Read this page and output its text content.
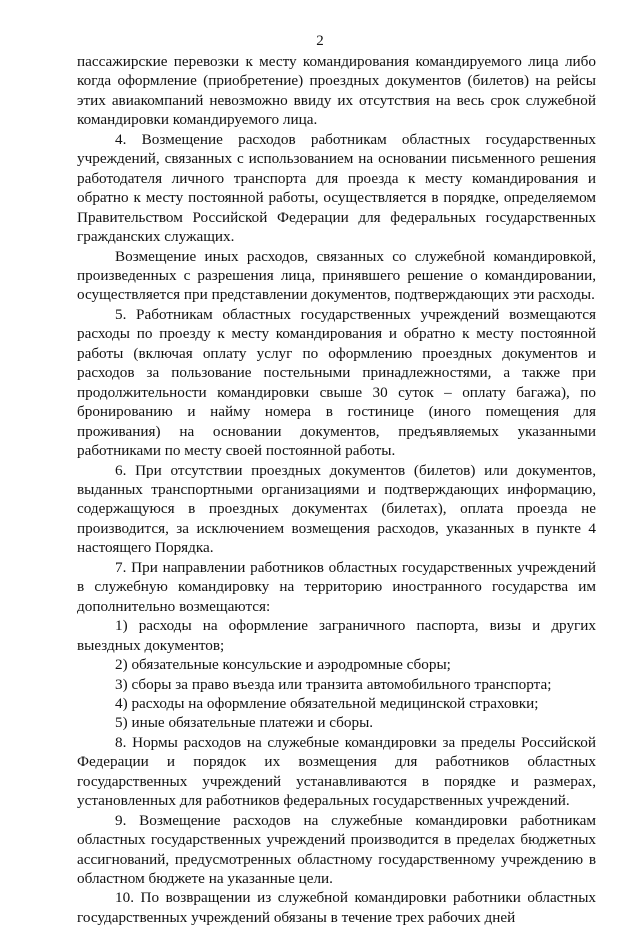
2

пассажирские перевозки к месту командирования командируемого лица либо когда оформление (приобретение) проездных документов (билетов) на рейсы этих авиакомпаний невозможно ввиду их отсутствия на весь срок служебной командировки командируемого лица.

4. Возмещение расходов работникам областных государственных учреждений, связанных с использованием на основании письменного решения работодателя личного транспорта для проезда к месту командирования и обратно к месту постоянной работы, осуществляется в порядке, определяемом Правительством Российской Федерации для федеральных государственных гражданских служащих.

Возмещение иных расходов, связанных со служебной командировкой, произведенных с разрешения лица, принявшего решение о командировании, осуществляется при представлении документов, подтверждающих эти расходы.

5. Работникам областных государственных учреждений возмещаются расходы по проезду к месту командирования и обратно к месту постоянной работы (включая оплату услуг по оформлению проездных документов и расходов за пользование постельными принадлежностями, а также при продолжительности командировки свыше 30 суток – оплату багажа), по бронированию и найму номера в гостинице (иного помещения для проживания) на основании документов, предъявляемых указанными работниками по месту своей постоянной работы.

6. При отсутствии проездных документов (билетов) или документов, выданных транспортными организациями и подтверждающих информацию, содержащуюся в проездных документах (билетах), оплата проезда не производится, за исключением возмещения расходов, указанных в пункте 4 настоящего Порядка.

7. При направлении работников областных государственных учреждений в служебную командировку на территорию иностранного государства им дополнительно возмещаются:

1) расходы на оформление заграничного паспорта, визы и других выездных документов;

2) обязательные консульские и аэродромные сборы;

3) сборы за право въезда или транзита автомобильного транспорта;

4) расходы на оформление обязательной медицинской страховки;

5) иные обязательные платежи и сборы.

8. Нормы расходов на служебные командировки за пределы Российской Федерации и порядок их возмещения для работников областных государственных учреждений устанавливаются в порядке и размерах, установленных для работников федеральных государственных учреждений.

9. Возмещение расходов на служебные командировки работникам областных государственных учреждений производится в пределах бюджетных ассигнований, предусмотренных областному государственному учреждению в областном бюджете на указанные цели.

10. По возвращении из служебной командировки работники областных государственных учреждений обязаны в течение трех рабочих дней
